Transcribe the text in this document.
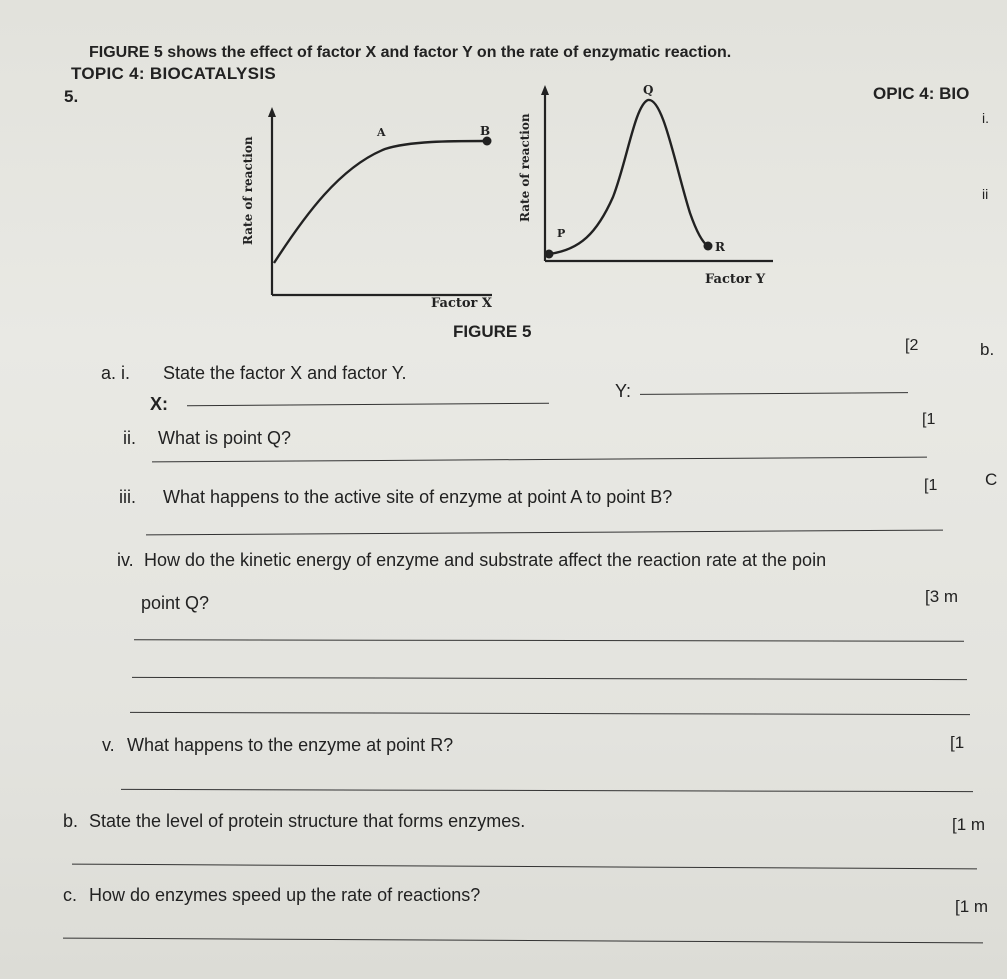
OPIC 4: BIO
i.
ii
b.
C
TOPIC 4: BIOCATALYSIS
5.
FIGURE 5 shows the effect of factor X and factor Y on the rate of enzymatic reaction.
Rate of reaction
A	B
Factor X
Rate of reaction
Q
P
R
Factor Y
FIGURE 5
[2
a. i. State the factor X and factor Y.
X:
Y:
[1
ii. What is point Q?
[1
iii. What happens to the active site of enzyme at point A to point B?
iv. How do the kinetic energy of enzyme and substrate affect the reaction rate at the poin
point Q?	[3 m
v. What happens to the enzyme at point R?	[1
b. State the level of protein structure that forms enzymes.	[1 m
c. How do enzymes speed up the rate of reactions?
[1 m
